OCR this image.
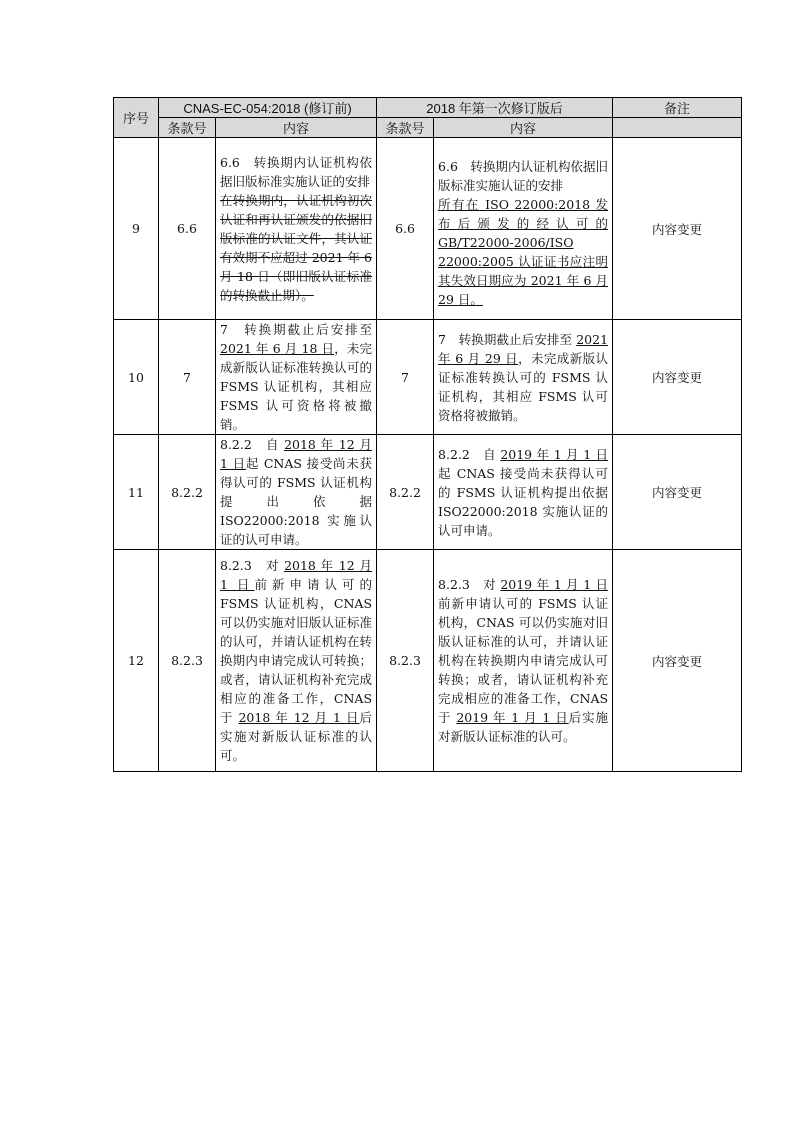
序号	CNAS-EC-054:2018 (修订前)		2018 年第一次修订版后		备注
	条款号	内容	条款号	内容	
9	6.6	6.6　转换期内认证机构依据旧版标准实施认证的安排
在转换期内，认证机构初次认证和再认证颁发的依据旧版标准的认证文件，其认证有效期不应超过 2021 年 6 月 18 日（即旧版认证标准的转换截止期）。	6.6	6.6　转换期内认证机构依据旧版标准实施认证的安排
所有在 ISO 22000:2018 发布后颁发的经认可的 GB/T22000-2006/ISO 22000:2005 认证证书应注明其失效日期应为 2021 年 6 月 29 日。	内容变更
10	7	7　转换期截止后安排至 2021 年 6 月 18 日，未完成新版认证标准转换认可的 FSMS 认证机构，其相应 FSMS 认可资格将被撤销。	7	7　转换期截止后安排至 2021 年 6 月 29 日，未完成新版认证标准转换认可的 FSMS 认证机构，其相应 FSMS 认可资格将被撤销。	内容变更
11	8.2.2	8.2.2　自 2018 年 12 月 1 日起 CNAS 接受尚未获得认可的 FSMS 认证机构提出依据 ISO22000:2018 实施认证的认可申请。	8.2.2	8.2.2　自 2019 年 1 月 1 日起 CNAS 接受尚未获得认可的 FSMS 认证机构提出依据 ISO22000:2018 实施认证的认可申请。	内容变更
12	8.2.3	8.2.3　对 2018 年 12 月 1 日前新申请认可的 FSMS 认证机构，CNAS 可以仍实施对旧版认证标准的认可，并请认证机构在转换期内申请完成认可转换；或者，请认证机构补充完成相应的准备工作，CNAS 于 2018 年 12 月 1 日后实施对新版认证标准的认可。	8.2.3	8.2.3　对 2019 年 1 月 1 日前新申请认可的 FSMS 认证机构，CNAS 可以仍实施对旧版认证标准的认可，并请认证机构在转换期内申请完成认可转换；或者，请认证机构补充完成相应的准备工作，CNAS 于 2019 年 1 月 1 日后实施对新版认证标准的认可。	内容变更
